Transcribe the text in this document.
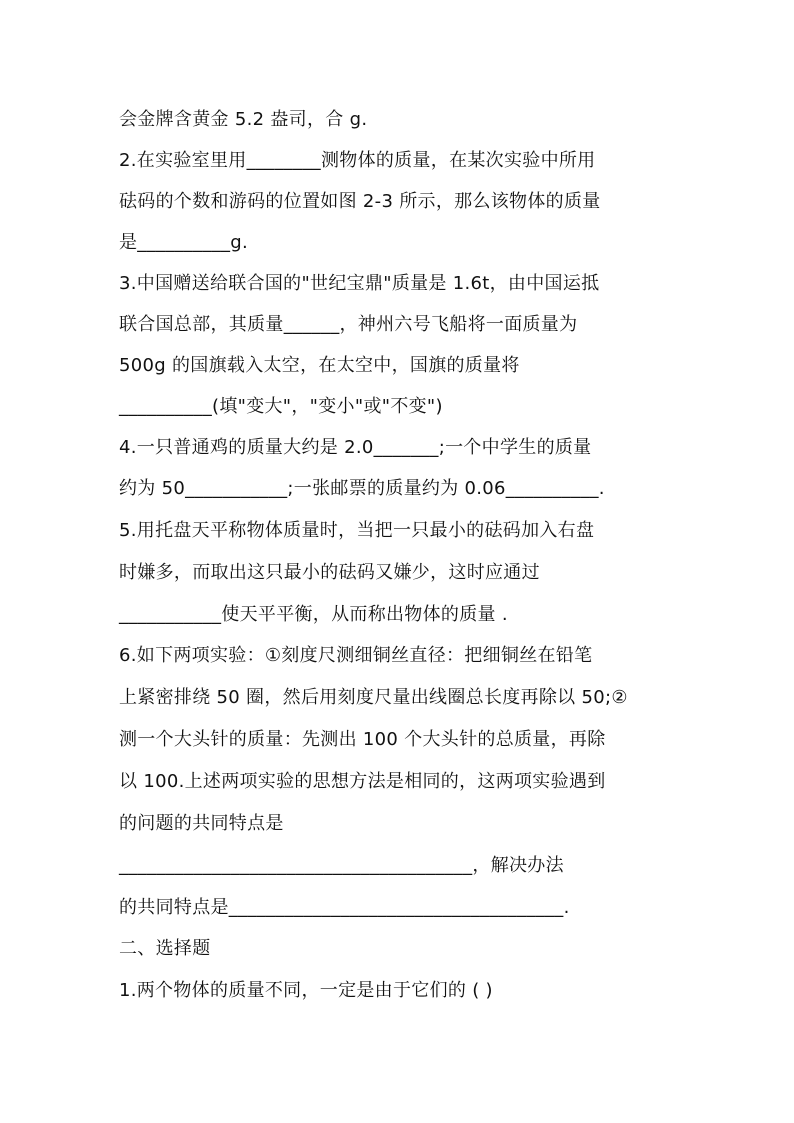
会金牌含黄金 5.2 盎司，合 g.
2.在实验室里用________测物体的质量，在某次实验中所用
砝码的个数和游码的位置如图 2-3 所示，那么该物体的质量
是__________g.
3.中国赠送给联合国的"世纪宝鼎"质量是 1.6t，由中国运抵
联合国总部，其质量______，神州六号飞船将一面质量为
500g 的国旗载入太空，在太空中，国旗的质量将
__________(填"变大"，"变小"或"不变")
4.一只普通鸡的质量大约是 2.0_______;一个中学生的质量
约为 50___________;一张邮票的质量约为 0.06__________.
5.用托盘天平称物体质量时，当把一只最小的砝码加入右盘
时嫌多，而取出这只最小的砝码又嫌少，这时应通过
___________使天平平衡，从而称出物体的质量 .
6.如下两项实验：①刻度尺测细铜丝直径：把细铜丝在铅笔
上紧密排绕 50 圈，然后用刻度尺量出线圈总长度再除以 50;②
测一个大头针的质量：先测出 100 个大头针的总质量，再除
以 100.上述两项实验的思想方法是相同的，这两项实验遇到
的问题的共同特点是
______________________________________，解决办法
的共同特点是____________________________________.
二、选择题
1.两个物体的质量不同，一定是由于它们的 ( )
